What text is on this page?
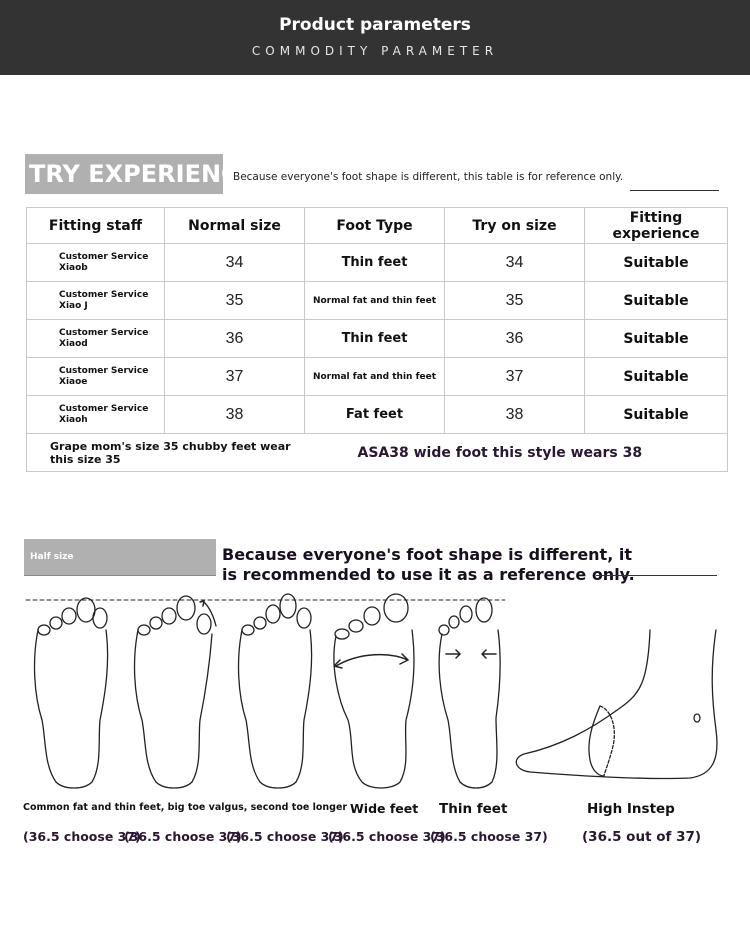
Product parameters
COMMODITY PARAMETER
TRY EXPERIENCE
Because everyone's foot shape is different, this table is for reference only.
Fitting staff	Normal size	Foot Type	Try on size	Fitting experience
Customer Service Xiaob	34	Thin feet	34	Suitable
Customer Service Xiao J	35	Normal fat and thin feet	35	Suitable
Customer Service Xiaod	36	Thin feet	36	Suitable
Customer Service Xiaoe	37	Normal fat and thin feet	37	Suitable
Customer Service Xiaoh	38	Fat feet	38	Suitable
Grape mom's size 35 chubby feet wear this size 35		ASA38 wide foot this style wears 38		
Half size recommendation/HALFCODE
Because everyone's foot shape is different, it
is recommended to use it as a reference only.
Common fat and thin feet, big toe valgus, second toe longer Wide feet Thin feet	High Instep
(36.5 choose 37)
(36.5 choose 37)
(36.5 choose 37)
(36.5 choose 37)
(36.5 choose 37)	(36.5 out of 37)
